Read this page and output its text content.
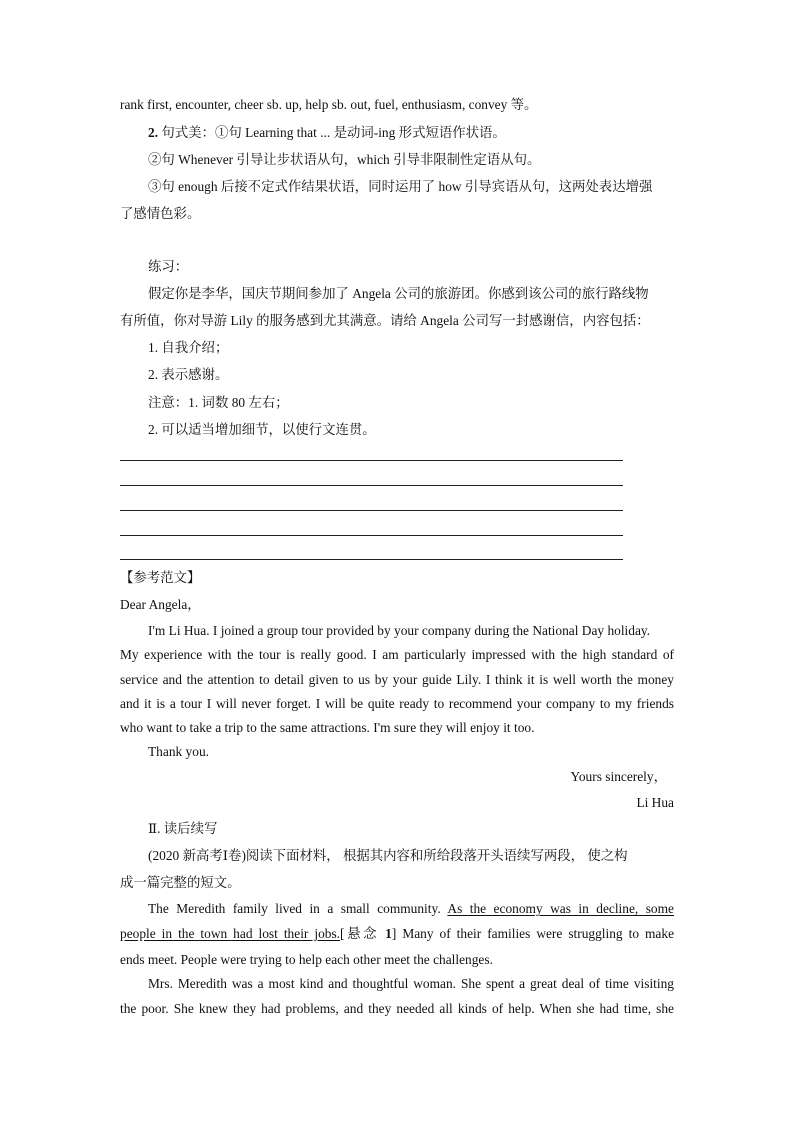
rank first, encounter, cheer sb. up, help sb. out, fuel, enthusiasm, convey 等。
2. 句式美：①句 Learning that ... 是动词-ing 形式短语作状语。
②句 Whenever 引导让步状语从句，which 引导非限制性定语从句。
③句 enough 后接不定式作结果状语，同时运用了 how 引导宾语从句，这两处表达增强
了感情色彩。
练习：
假定你是李华，国庆节期间参加了 Angela 公司的旅游团。你感到该公司的旅行路线物
有所值，你对导游 Lily 的服务感到尤其满意。请给 Angela 公司写一封感谢信，内容包括：
1. 自我介绍；
2. 表示感谢。
注意：1. 词数 80 左右；
2. 可以适当增加细节，以使行文连贯。
【参考范文】
Dear Angela，
I'm Li Hua. I joined a group tour provided by your company during the National Day holiday.
My experience with the tour is really good. I am particularly impressed with the high standard of
service and the attention to detail given to us by your guide Lily. I think it is well worth the money
and it is a tour I will never forget. I will be quite ready to recommend your company to my friends
who want to take a trip to the same attractions. I'm sure they will enjoy it too.
Thank you.
Yours sincerely，
Li Hua
Ⅱ. 读后续写
(2020 新高考Ⅰ卷)阅读下面材料， 根据其内容和所给段落开头语续写两段， 使之构
成一篇完整的短文。
The Meredith family lived in a small community. As the economy was in decline, some
people in the town had lost their jobs.[悬念 1] Many of their families were struggling to make
ends meet. People were trying to help each other meet the challenges.
Mrs. Meredith was a most kind and thoughtful woman. She spent a great deal of time visiting
the poor. She knew they had problems, and they needed all kinds of help. When she had time, she
